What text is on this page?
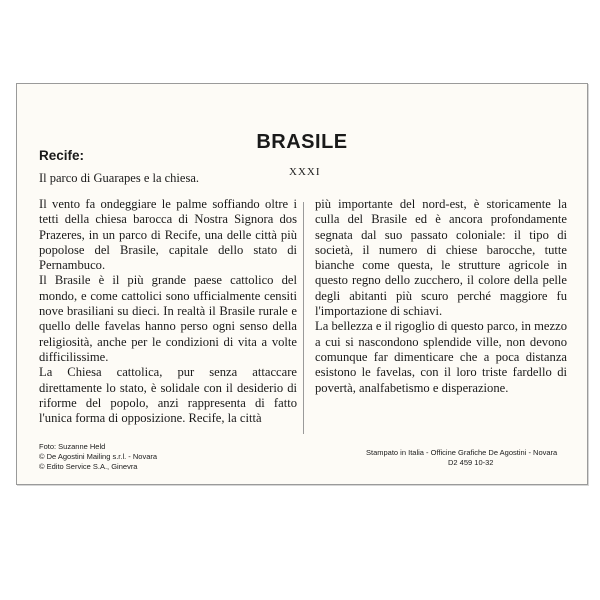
BRASILE
XXXI
Recife:
Il parco di Guarapes e la chiesa.

Il vento fa ondeggiare le palme soffiando oltre i tetti della chiesa barocca di Nostra Signora dos Prazeres, in un parco di Recife, una delle città più popolose del Brasile, capitale dello stato di Pernambuco.

Il Brasile è il più grande paese cattolico del mondo, e come cattolici sono ufficialmente censiti nove brasiliani su dieci. In realtà il Brasile rurale e quello delle favelas hanno perso ogni senso della religiosità, anche per le condizioni di vita a volte difficilissime.

La Chiesa cattolica, pur senza attaccare direttamente lo stato, è solidale con il desiderio di riforme del popolo, anzi rappresenta di fatto l'unica forma di opposizione. Recife, la città

più importante del nord-est, è storicamente la culla del Brasile ed è ancora profondamente segnata dal suo passato coloniale: il tipo di società, il numero di chiese barocche, tutte bianche come questa, le strutture agricole in questo regno dello zucchero, il colore della pelle degli abitanti più scuro perché maggiore fu l'importazione di schiavi.

La bellezza e il rigoglio di questo parco, in mezzo a cui si nascondono splendide ville, non devono comunque far dimenticare che a poca distanza esistono le favelas, con il loro triste fardello di povertà, analfabetismo e disperazione.

Foto: Suzanne Held
© De Agostini Mailing s.r.l. - Novara
© Edito Service S.A., Ginevra
Stampato in Italia - Officine Grafiche De Agostini - Novara
D2 459 10-32
